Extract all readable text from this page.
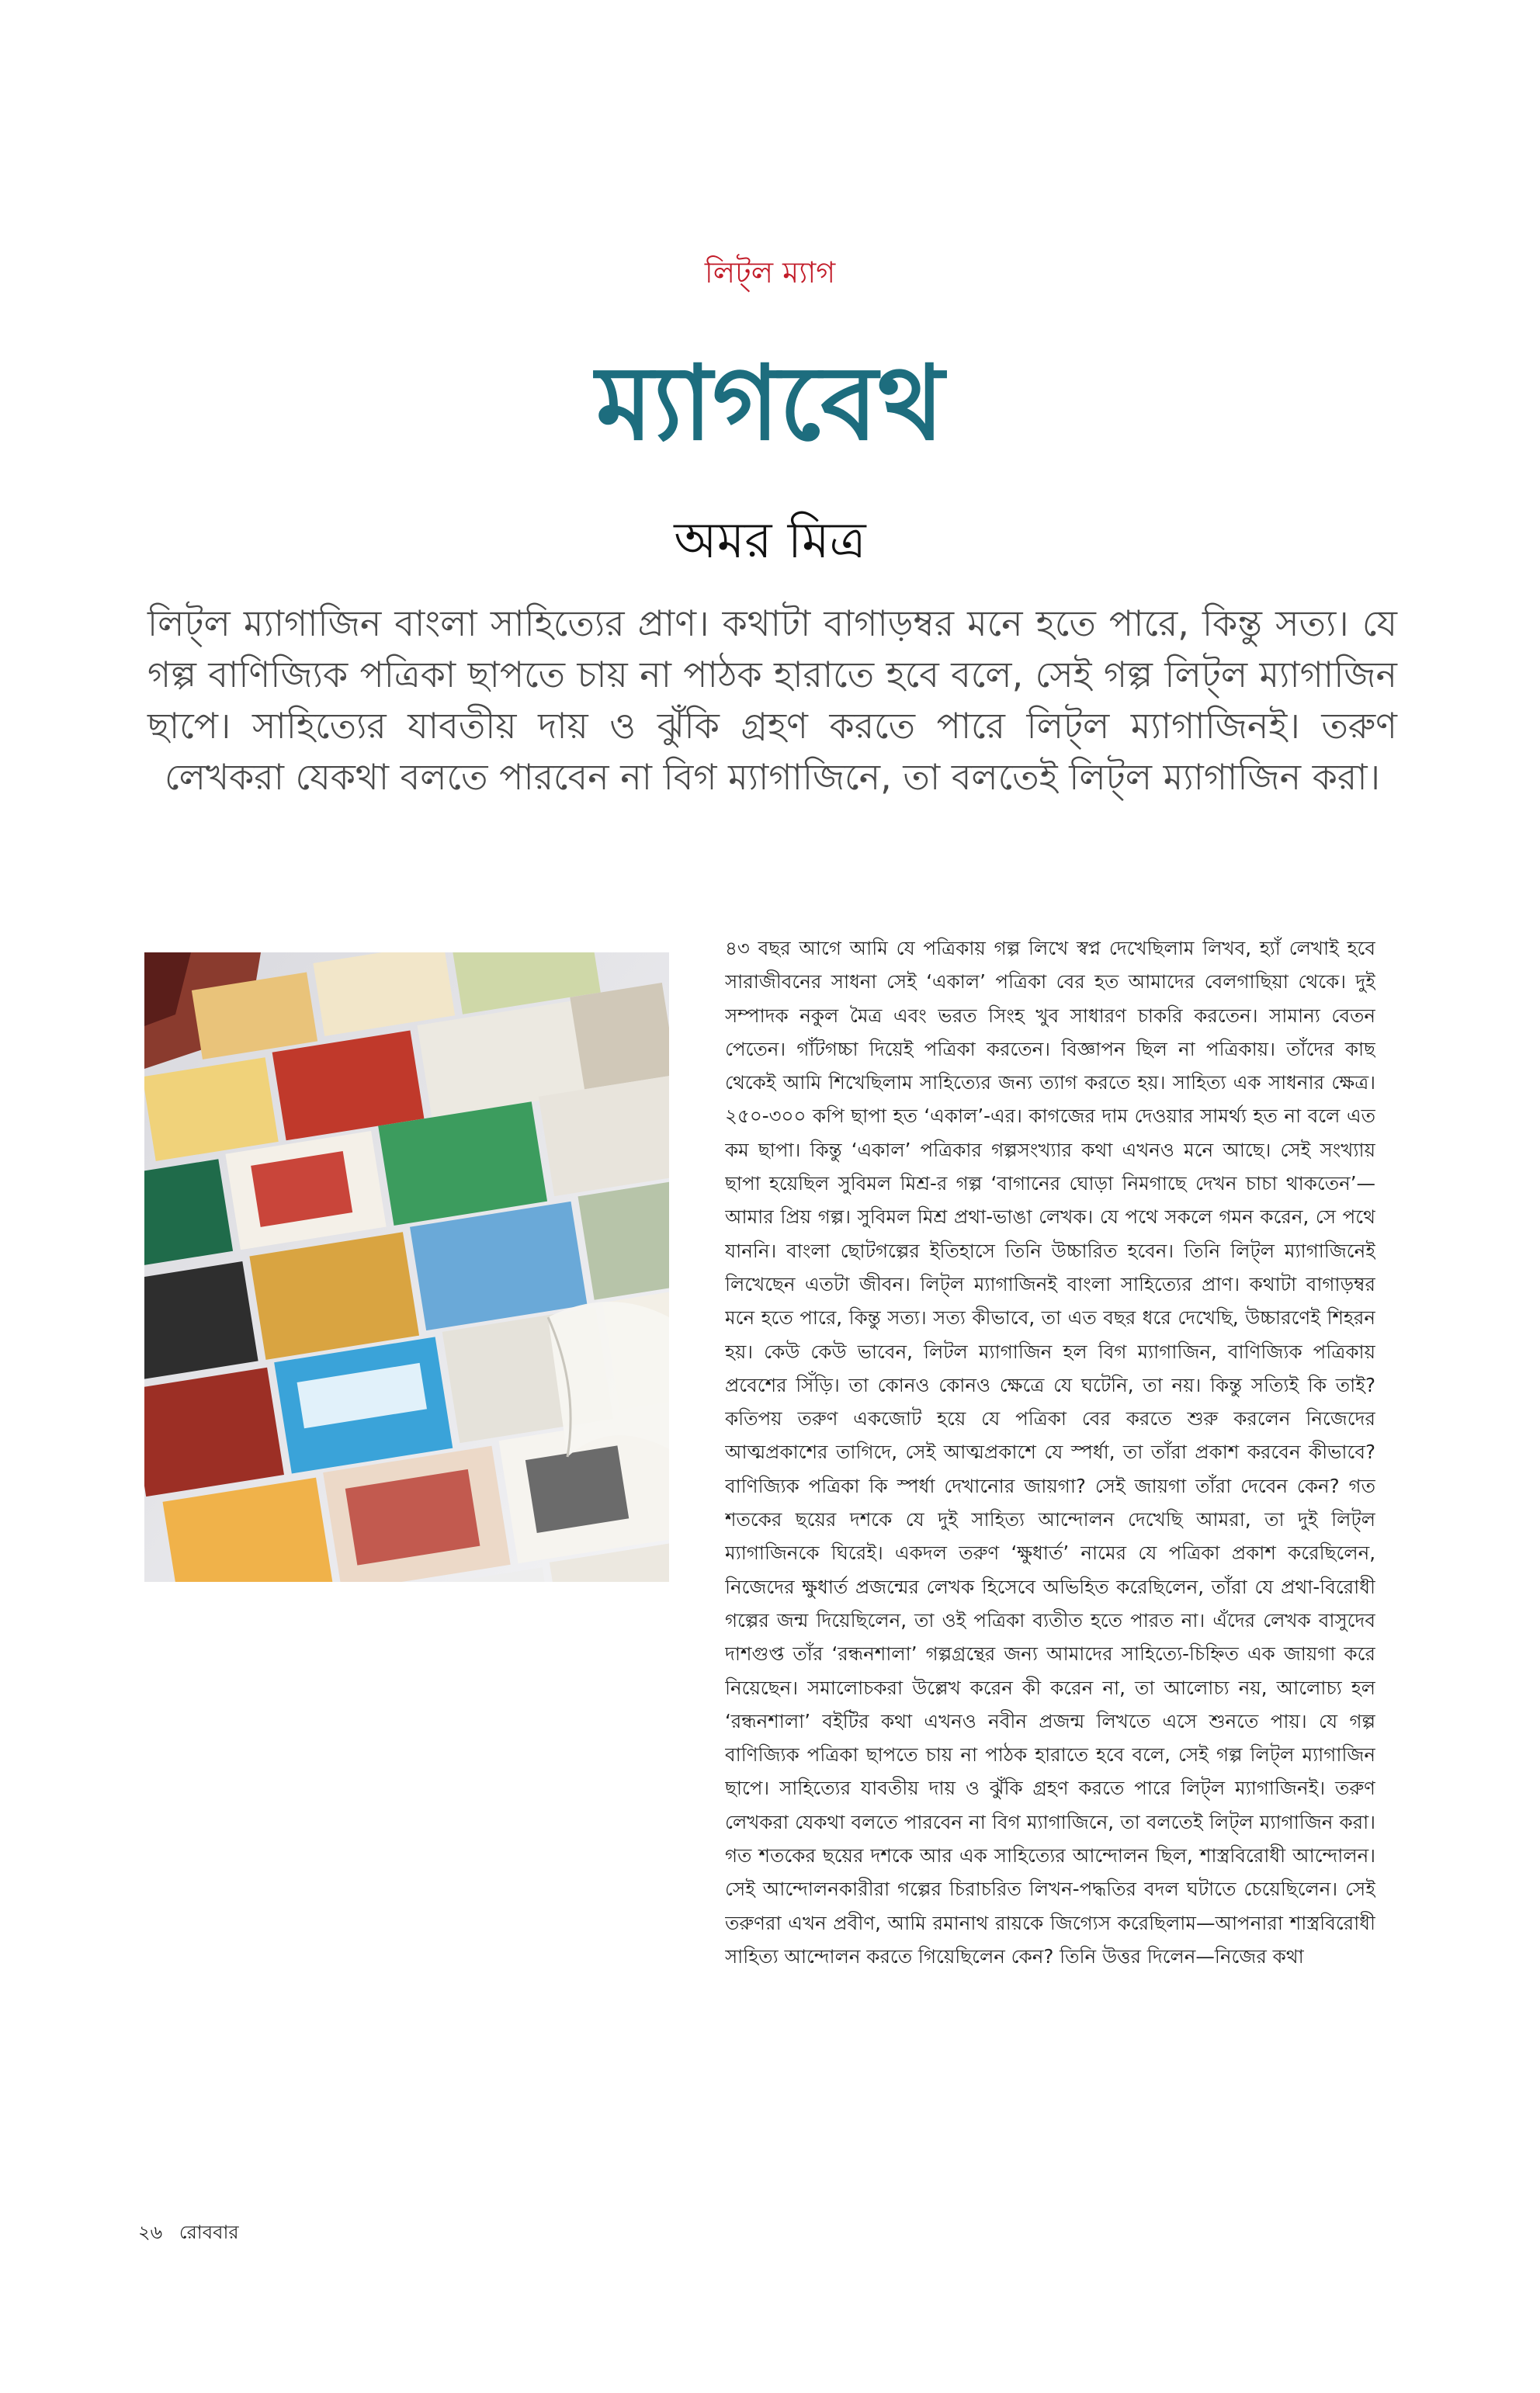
লিট্‌ল ম্যাগ
ম্যাগবেথ
অমর মিত্র
লিট্‌ল ম্যাগাজিন বাংলা সাহিত্যের প্রাণ। কথাটা বাগাড়ম্বর মনে হতে পারে, কিন্তু সত্য। যে গল্প বাণিজ্যিক পত্রিকা ছাপতে চায় না পাঠক হারাতে হবে বলে, সেই গল্প লিট্‌ল ম্যাগাজিন ছাপে। সাহিত্যের যাবতীয় দায় ও ঝুঁকি গ্রহণ করতে পারে লিট্‌ল ম্যাগাজিনই। তরুণ লেখকরা যেকথা বলতে পারবেন না বিগ ম্যাগাজিনে, তা বলতেই লিট্‌ল ম্যাগাজিন করা।

৪৩ বছর আগে আমি যে পত্রিকায় গল্প লিখে স্বপ্ন দেখেছিলাম লিখব, হ্যাঁ লেখাই হবে সারাজীবনের সাধনা সেই ‘একাল’ পত্রিকা বের হত আমাদের বেলগাছিয়া থেকে। দুই সম্পাদক নকুল মৈত্র এবং ভরত সিংহ খুব সাধারণ চাকরি করতেন। সামান্য বেতন পেতেন। গাঁটগচ্চা দিয়েই পত্রিকা করতেন। বিজ্ঞাপন ছিল না পত্রিকায়। তাঁদের কাছ থেকেই আমি শিখেছিলাম সাহিত্যের জন্য ত্যাগ করতে হয়। সাহিত্য এক সাধনার ক্ষেত্র। ২৫০-৩০০ কপি ছাপা হত ‘একাল’-এর। কাগজের দাম দেওয়ার সামর্থ্য হত না বলে এত কম ছাপা। কিন্তু ‘একাল’ পত্রিকার গল্পসংখ্যার কথা এখনও মনে আছে। সেই সংখ্যায় ছাপা হয়েছিল সুবিমল মিশ্র-র গল্প ‘বাগানের ঘোড়া নিমগাছে দেখন চাচা থাকতেন’—আমার প্রিয় গল্প। সুবিমল মিশ্র প্রথা-ভাঙা লেখক। যে পথে সকলে গমন করেন, সে পথে যাননি। বাংলা ছোটগল্পের ইতিহাসে তিনি উচ্চারিত হবেন। তিনি লিট্‌ল ম্যাগাজিনেই লিখেছেন এতটা জীবন। লিট্‌ল ম্যাগাজিনই বাংলা সাহিত্যের প্রাণ। কথাটা বাগাড়ম্বর মনে হতে পারে, কিন্তু সত্য। সত্য কীভাবে, তা এত বছর ধরে দেখেছি, উচ্চারণেই শিহরন হয়। কেউ কেউ ভাবেন, লিটল ম্যাগাজিন হল বিগ ম্যাগাজিন, বাণিজ্যিক পত্রিকায় প্রবেশের সিঁড়ি। তা কোনও কোনও ক্ষেত্রে যে ঘটেনি, তা নয়। কিন্তু সত্যিই কি তাই? কতিপয় তরুণ একজোট হয়ে যে পত্রিকা বের করতে শুরু করলেন নিজেদের আত্মপ্রকাশের তাগিদে, সেই আত্মপ্রকাশে যে স্পর্ধা, তা তাঁরা প্রকাশ করবেন কীভাবে? বাণিজ্যিক পত্রিকা কি স্পর্ধা দেখানোর জায়গা? সেই জায়গা তাঁরা দেবেন কেন? গত শতকের ছয়ের দশকে যে দুই সাহিত্য আন্দোলন দেখেছি আমরা, তা দুই লিট্‌ল ম্যাগাজিনকে ঘিরেই। একদল তরুণ ‘ক্ষুধার্ত’ নামের যে পত্রিকা প্রকাশ করেছিলেন, নিজেদের ক্ষুধার্ত প্রজন্মের লেখক হিসেবে অভিহিত করেছিলেন, তাঁরা যে প্রথা-বিরোধী গল্পের জন্ম দিয়েছিলেন, তা ওই পত্রিকা ব্যতীত হতে পারত না। এঁদের লেখক বাসুদেব দাশগুপ্ত তাঁর ‘রন্ধনশালা’ গল্পগ্রন্থের জন্য আমাদের সাহিত্যে-চিহ্নিত এক জায়গা করে নিয়েছেন। সমালোচকরা উল্লেখ করেন কী করেন না, তা আলোচ্য নয়, আলোচ্য হল ‘রন্ধনশালা’ বইটির কথা এখনও নবীন প্রজন্ম লিখতে এসে শুনতে পায়। যে গল্প বাণিজ্যিক পত্রিকা ছাপতে চায় না পাঠক হারাতে হবে বলে, সেই গল্প লিট্‌ল ম্যাগাজিন ছাপে। সাহিত্যের যাবতীয় দায় ও ঝুঁকি গ্রহণ করতে পারে লিট্‌ল ম্যাগাজিনই। তরুণ লেখকরা যেকথা বলতে পারবেন না বিগ ম্যাগাজিনে, তা বলতেই লিট্‌ল ম্যাগাজিন করা। গত শতকের ছয়ের দশকে আর এক সাহিত্যের আন্দোলন ছিল, শাস্ত্রবিরোধী আন্দোলন। সেই আন্দোলনকারীরা গল্পের চিরাচরিত লিখন-পদ্ধতির বদল ঘটাতে চেয়েছিলেন। সেই তরুণরা এখন প্রবীণ, আমি রমানাথ রায়কে জিগ্যেস করেছিলাম—আপনারা শাস্ত্রবিরোধী সাহিত্য আন্দোলন করতে গিয়েছিলেন কেন? তিনি উত্তর দিলেন—নিজের কথা

২৬ রোববার
